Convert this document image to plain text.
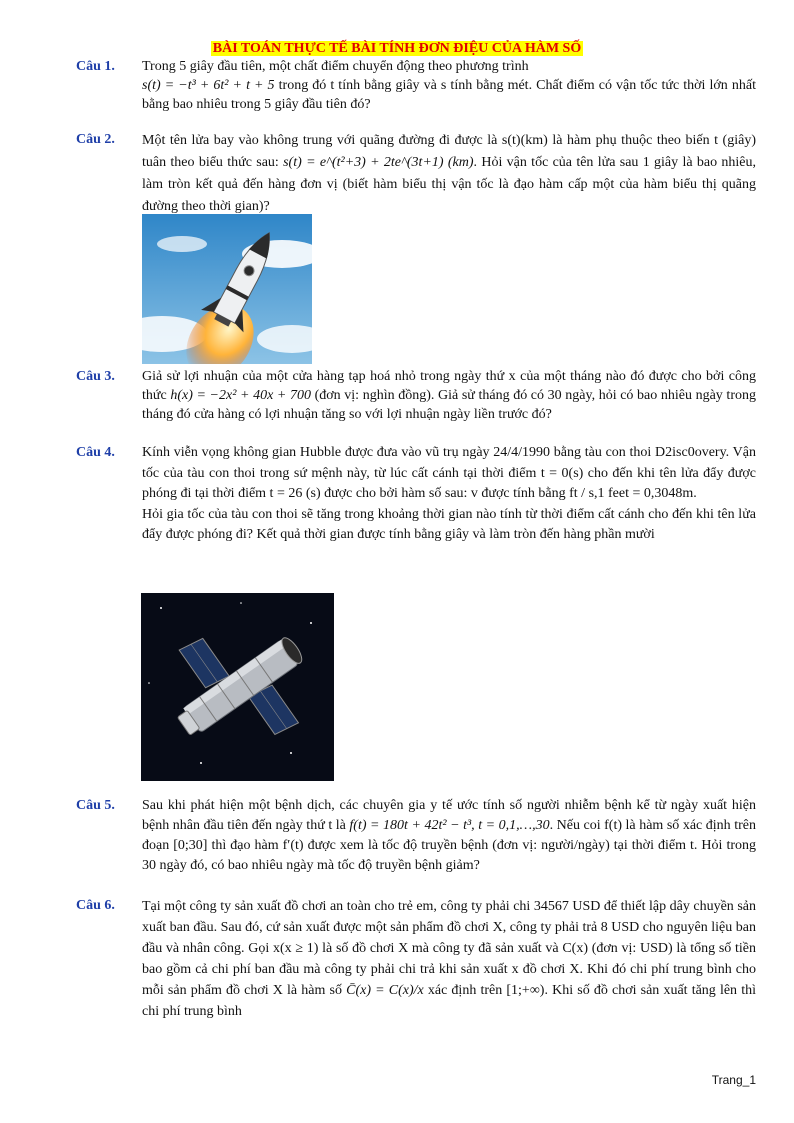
BÀI TOÁN THỰC TẾ BÀI TÍNH ĐƠN ĐIỆU CỦA HÀM SỐ
Câu 1.	Trong 5 giây đầu tiên, một chất điểm chuyển động theo phương trình

s(t) = −t³ + 6t² + t + 5 trong đó t tính bằng giây và s tính bằng mét. Chất điểm có vận tốc tức thời lớn nhất bằng bao nhiêu trong 5 giây đầu tiên đó?

Câu 2.	Một tên lửa bay vào không trung với quãng đường đi được là s(t)(km) là hàm phụ thuộc theo biến t (giây) tuân theo biểu thức sau: s(t) = e^(t²+3) + 2te^(3t+1) (km). Hỏi vận tốc của tên lửa sau 1 giây là bao nhiêu, làm tròn kết quả đến hàng đơn vị (biết hàm biểu thị vận tốc là đạo hàm cấp một của hàm biểu thị quãng đường theo thời gian)?

Câu 3.	Giả sử lợi nhuận của một cửa hàng tạp hoá nhỏ trong ngày thứ x của một tháng nào đó được cho bởi công thức h(x) = −2x² + 40x + 700 (đơn vị: nghìn đồng). Giả sử tháng đó có 30 ngày, hỏi có bao nhiêu ngày trong tháng đó cửa hàng có lợi nhuận tăng so với lợi nhuận ngày liền trước đó?

Câu 4.	Kính viễn vọng không gian Hubble được đưa vào vũ trụ ngày 24/4/1990 bằng tàu con thoi D2isc0overy. Vận tốc của tàu con thoi trong sứ mệnh này, từ lúc cất cánh tại thời điểm t = 0(s) cho đến khi tên lửa đẩy được phóng đi tại thời điểm t = 26 (s) được cho bởi hàm số sau: v được tính bằng ft / s,1 feet = 0,3048m.

Hỏi gia tốc của tàu con thoi sẽ tăng trong khoảng thời gian nào tính từ thời điểm cất cánh cho đến khi tên lửa đẩy được phóng đi? Kết quả thời gian được tính bằng giây và làm tròn đến hàng phần mười

Câu 5.	Sau khi phát hiện một bệnh dịch, các chuyên gia y tế ước tính số người nhiễm bệnh kể từ ngày xuất hiện bệnh nhân đầu tiên đến ngày thứ t là f(t) = 180t + 42t² − t³, t = 0,1,…,30. Nếu coi f(t) là hàm số xác định trên đoạn [0;30] thì đạo hàm f′(t) được xem là tốc độ truyền bệnh (đơn vị: người/ngày) tại thời điểm t. Hỏi trong 30 ngày đó, có bao nhiêu ngày mà tốc độ truyền bệnh giảm?

Câu 6.	Tại một công ty sản xuất đồ chơi an toàn cho trẻ em, công ty phải chi 34567 USD để thiết lập dây chuyền sản xuất ban đầu. Sau đó, cứ sản xuất được một sản phẩm đồ chơi X, công ty phải trả 8 USD cho nguyên liệu ban đầu và nhân công. Gọi x(x ≥ 1) là số đồ chơi X mà công ty đã sản xuất và C(x) (đơn vị: USD) là tổng số tiền bao gồm cả chi phí ban đầu mà công ty phải chi trả khi sản xuất x đồ chơi X. Khi đó chi phí trung bình cho mỗi sản phẩm đồ chơi X là hàm số C̄(x) = C(x)/x xác định trên [1;+∞). Khi số đồ chơi sản xuất tăng lên thì chi phí trung bình

Trang_1
